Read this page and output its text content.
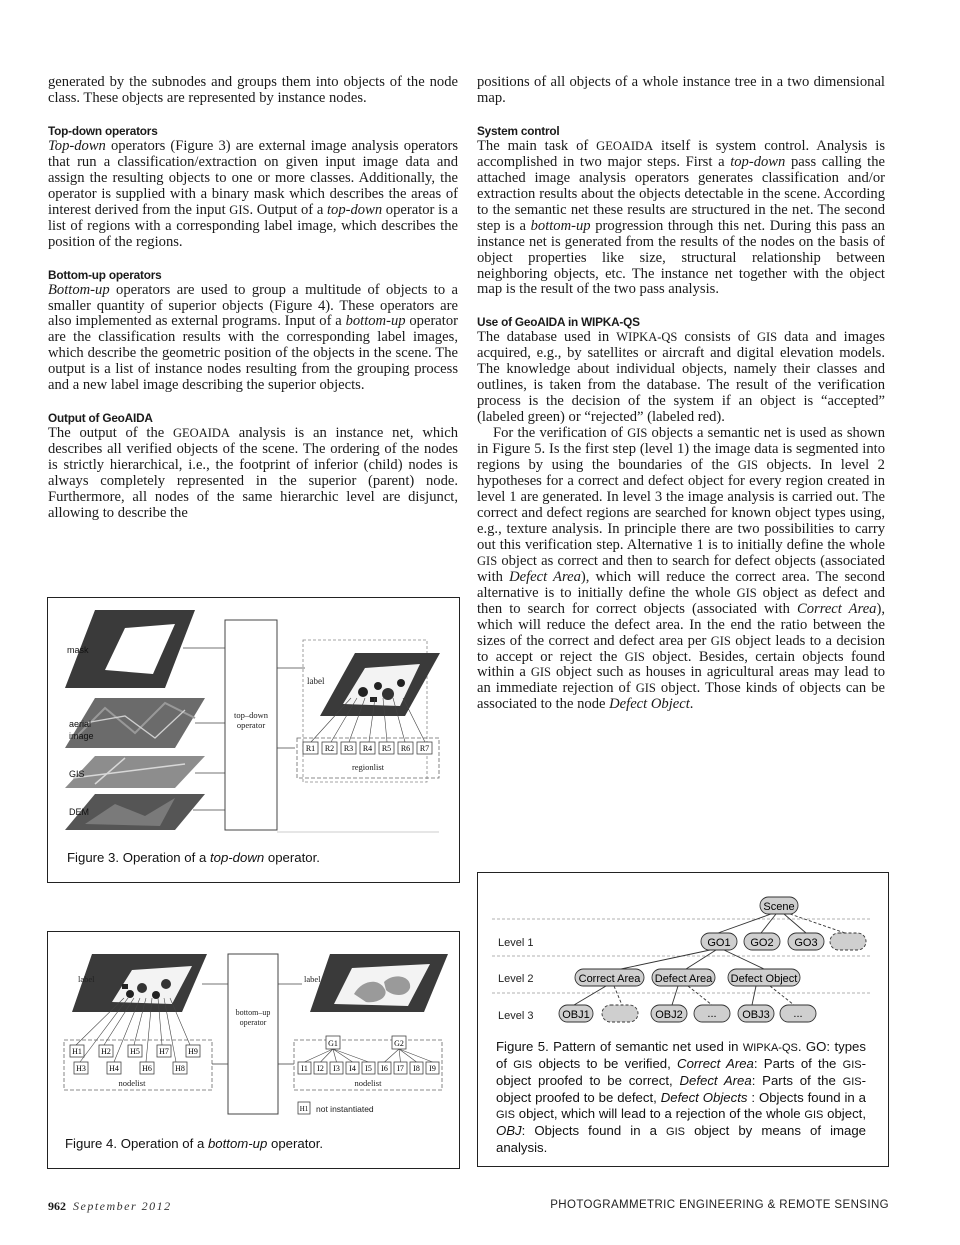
generated by the subnodes and groups them into objects of the node class. These objects are represented by instance nodes.

Top-down operators

Top-down operators (Figure 3) are external image analysis operators that run a classification/extraction on given input image data and assign the resulting objects to one or more classes. Additionally, the operator is supplied with a binary mask which describes the areas of interest derived from the input GIS. Output of a top-down operator is a list of regions with a corresponding label image, which describes the position of the regions.

Bottom-up operators

Bottom-up operators are used to group a multitude of objects to a smaller quantity of superior objects (Figure 4). These operators are also implemented as external programs. Input of a bottom-up operator are the classification results with the corresponding label images, which describe the geometric position of the objects in the scene. The output is a list of instance nodes resulting from the grouping process and a new label image describing the superior objects.

Output of GeoAIDA

The output of the GEOAIDA analysis is an instance net, which describes all verified objects of the scene. The ordering of the nodes is strictly hierarchical, i.e., the footprint of inferior (child) nodes is always completely represented in the superior (parent) node. Furthermore, all nodes of the same hierarchic level are disjunct, allowing to describe the

positions of all objects of a whole instance tree in a two dimensional map.

System control

The main task of GEOAIDA itself is system control. Analysis is accomplished in two major steps. First a top-down pass calling the attached image analysis operators generates classification and/or extraction results about the objects detectable in the scene. According to the semantic net these results are structured in the net. The second step is a bottom-up progression through this net. During this pass an instance net is generated from the results of the nodes on the basis of object properties like size, structural relationship between neighboring objects, etc. The instance net together with the object map is the result of the two pass analysis.

Use of GeoAIDA in WIPKA-QS

The database used in WIPKA-QS consists of GIS data and images acquired, e.g., by satellites or aircraft and digital elevation models. The knowledge about individual objects, namely their classes and outlines, is taken from the database. The result of the verification process is the decision of the system if an object is “accepted” (labeled green) or “rejected” (labeled red).

For the verification of GIS objects a semantic net is used as shown in Figure 5. Is the first step (level 1) the image data is segmented into regions by using the boundaries of the GIS objects. In level 2 hypotheses for a correct and defect object for every region created in level 1 are generated. In level 3 the image analysis is carried out. The correct and defect regions are searched for known object types using, e.g., texture analysis. In principle there are two possibilities to carry out this verification step. Alternative 1 is to initially define the whole GIS object as correct and then to search for defect objects (associated with Defect Area), which will reduce the correct area. The second alternative is to initially define the whole GIS object as defect and then to search for correct objects (associated with Correct Area), which will reduce the defect area. In the end the ratio between the sizes of the correct and defect area per GIS object leads to a decision to accept or reject the GIS object. Besides, certain objects found within a GIS object such as houses in agricultural areas may lead to an immediate rejection of GIS object. Those kinds of objects can be associated to the node Defect Object.

mask
aerial
image
GIS
DEM
top–down
operator
label
R1 R2 R3 R4 R5 R6 R7
regionlist
Figure 3. Operation of a top-down operator.
label
H1 H2 H5 H7 H9
H3	H4	H6	H8
nodelist
bottom–up
operator
label
G1	G2
I1 I2 I3 I4 I5 I6 I7 I8 I9
nodelist
H1 not instantiated
Figure 4. Operation of a bottom-up operator.
Level 1
Level 2
Level 3
Scene
GO1 GO2 GO3
Correct Area Defect Area Defect Object
OBJ1	OBJ2 ... OBJ3 ...
Figure 5. Pattern of semantic net used in WIPKA-QS. GO: types of GIS objects to be verified, Correct Area: Parts of the GIS-object proofed to be correct, Defect Area: Parts of the GIS-object proofed to be defect, Defect Objects : Objects found in a GIS object, which will lead to a rejection of the whole GIS object, OBJ: Objects found in a GIS object by means of image analysis.
962 September 2012	PHOTOGRAMMETRIC ENGINEERING & REMOTE SENSING
